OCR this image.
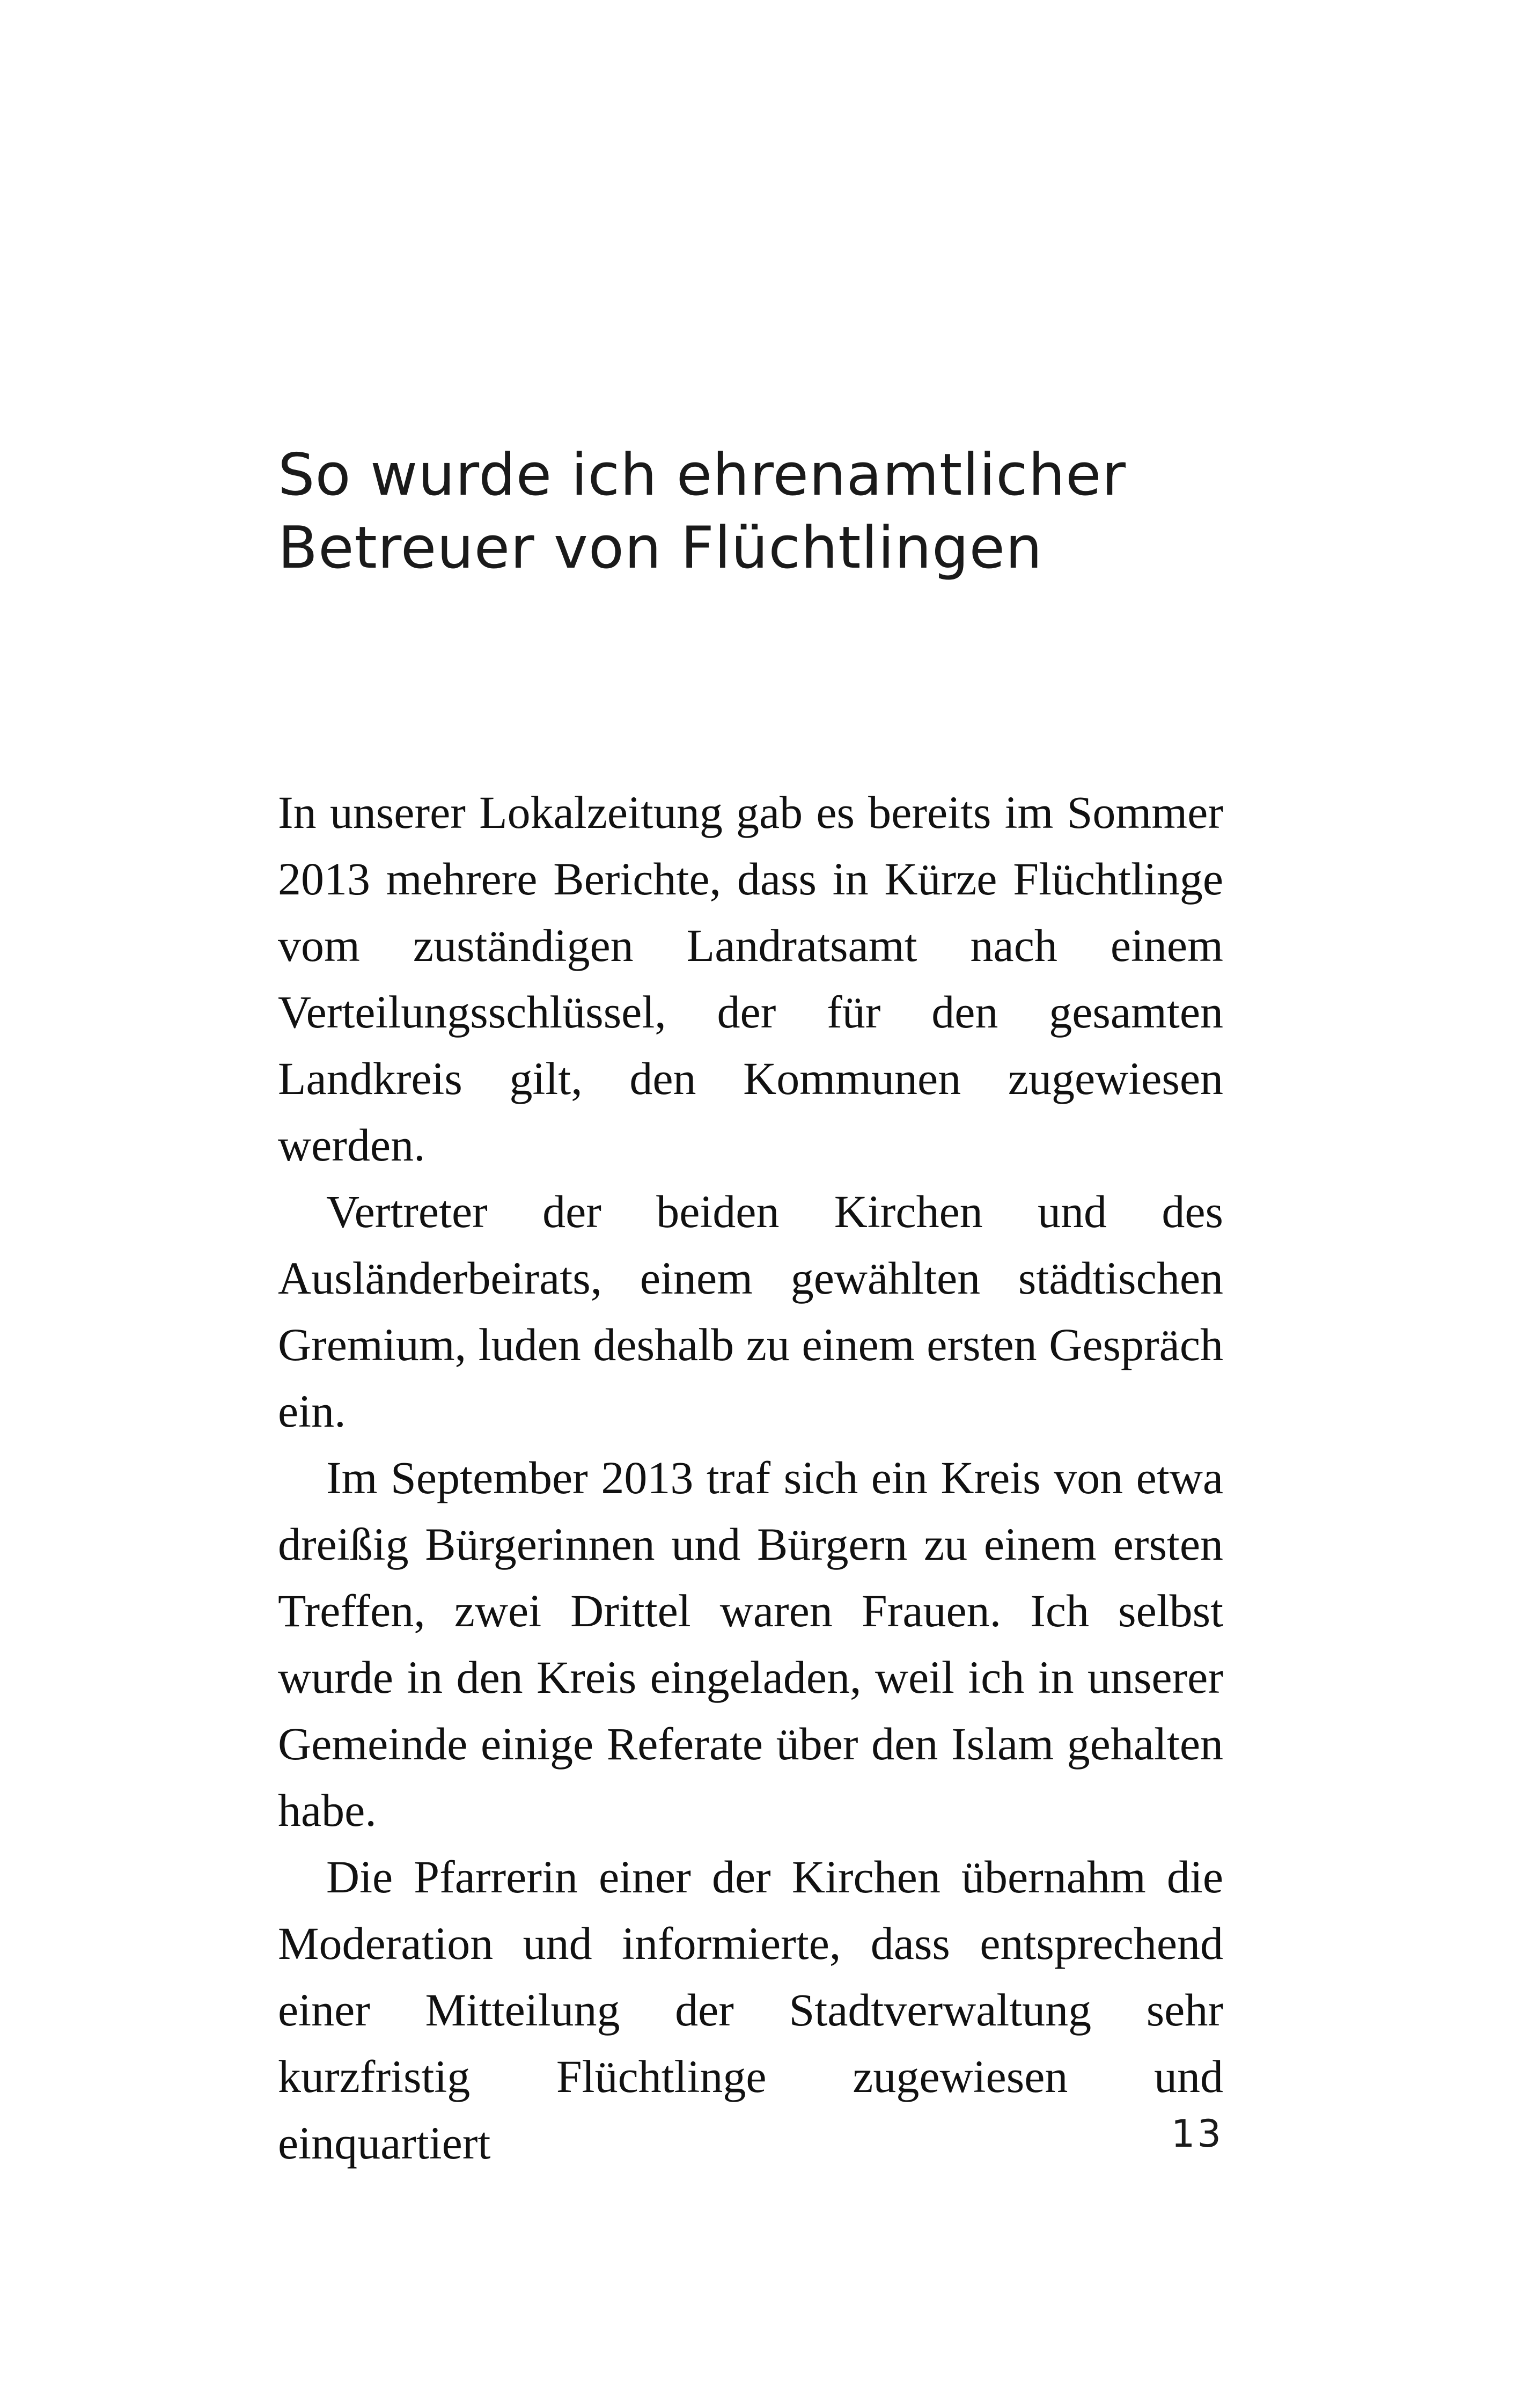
So wurde ich ehrenamtlicher
Betreuer von Flüchtlingen

In unserer Lokalzeitung gab es bereits im Sommer 2013 mehrere Berichte, dass in Kürze Flüchtlinge vom zuständigen Landratsamt nach einem Verteilungsschlüssel, der für den gesamten Landkreis gilt, den Kommunen zugewiesen werden.

Vertreter der beiden Kirchen und des Ausländerbeirats, einem gewählten städtischen Gremium, luden deshalb zu einem ersten Gespräch ein.

Im September 2013 traf sich ein Kreis von etwa dreißig Bürgerinnen und Bürgern zu einem ersten Treffen, zwei Drittel waren Frauen. Ich selbst wurde in den Kreis eingeladen, weil ich in unserer Gemeinde einige Referate über den Islam gehalten habe.

Die Pfarrerin einer der Kirchen übernahm die Moderation und informierte, dass entsprechend einer Mitteilung der Stadtverwaltung sehr kurzfristig Flüchtlinge zugewiesen und einquartiert	13
